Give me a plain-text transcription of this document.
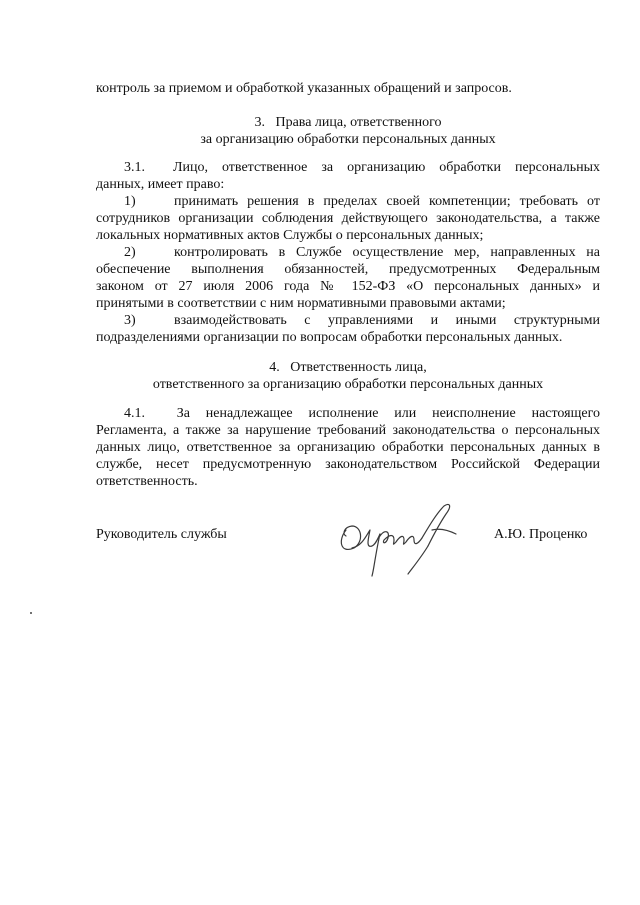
контроль за приемом и обработкой указанных обращений и запросов.
3.   Права лица, ответственного
за организацию обработки персональных данных
3.1.  Лицо, ответственное за организацию обработки персональных
данных, имеет право:
1)	принимать решения в пределах своей компетенции; требовать от
сотрудников организации соблюдения действующего законодательства, а также
локальных нормативных актов Службы о персональных данных;
2)	контролировать в Службе осуществление мер, направленных на
обеспечение выполнения обязанностей, предусмотренных Федеральным
законом от 27 июля 2006 года № 152-ФЗ «О персональных данных» и
принятыми в соответствии с ним нормативными правовыми актами;
3)	взаимодействовать с управлениями и иными структурными
подразделениями организации по вопросам обработки персональных данных.
4.   Ответственность лица,
ответственного за организацию обработки персональных данных
4.1.  За ненадлежащее исполнение или неисполнение настоящего
Регламента, а также за нарушение требований законодательства о персональных
данных лицо, ответственное за организацию обработки персональных данных в
службе, несет предусмотренную законодательством Российской Федерации
ответственность.
Руководитель службы	А.Ю. Проценко
